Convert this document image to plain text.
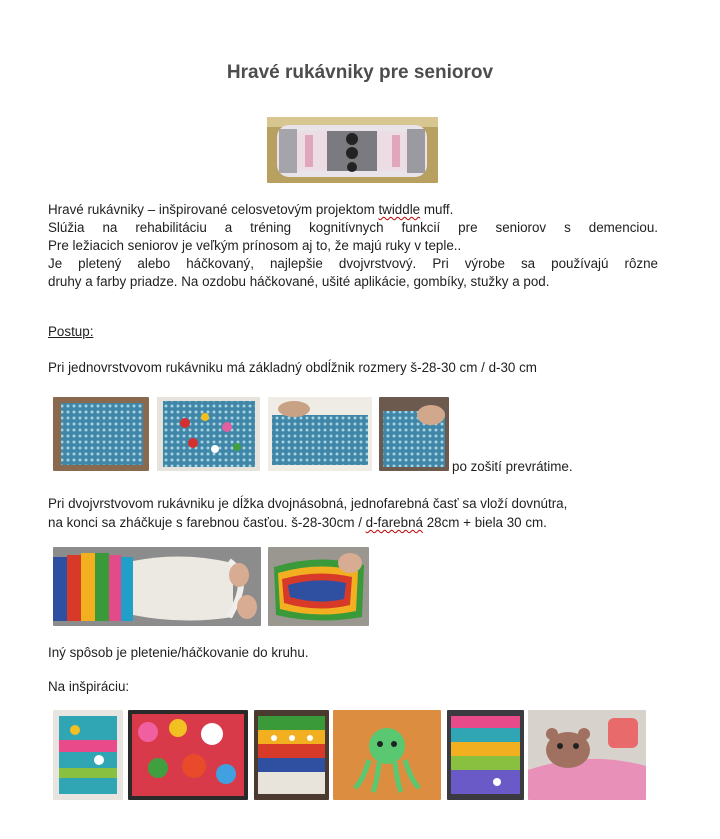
Hravé rukávniky pre seniorov
Hravé rukávniky – inšpirované celosvetovým projektom twiddle muff.
Slúžia na rehabilitáciu a tréning kognitívnych funkcií pre seniorov s demenciou.
Pre ležiacich seniorov je veľkým prínosom aj to, že majú ruky v teple..
Je pletený alebo háčkovaný, najlepšie dvojvrstvový. Pri výrobe sa používajú rôzne
druhy a farby priadze. Na ozdobu háčkované, ušité aplikácie, gombíky, stužky a pod.
Postup:
Pri jednovrstvovom rukávniku má základný obdĺžnik rozmery š-28-30 cm / d-30 cm
po zošití prevrátime.
Pri dvojvrstvovom rukávniku je dĺžka dvojnásobná, jednofarebná časť sa vloží dovnútra,
na konci sa zháčkuje s farebnou časťou. š-28-30cm / d-farebná 28cm + biela 30 cm.
Iný spôsob je pletenie/háčkovanie do kruhu.
Na inšpiráciu:
